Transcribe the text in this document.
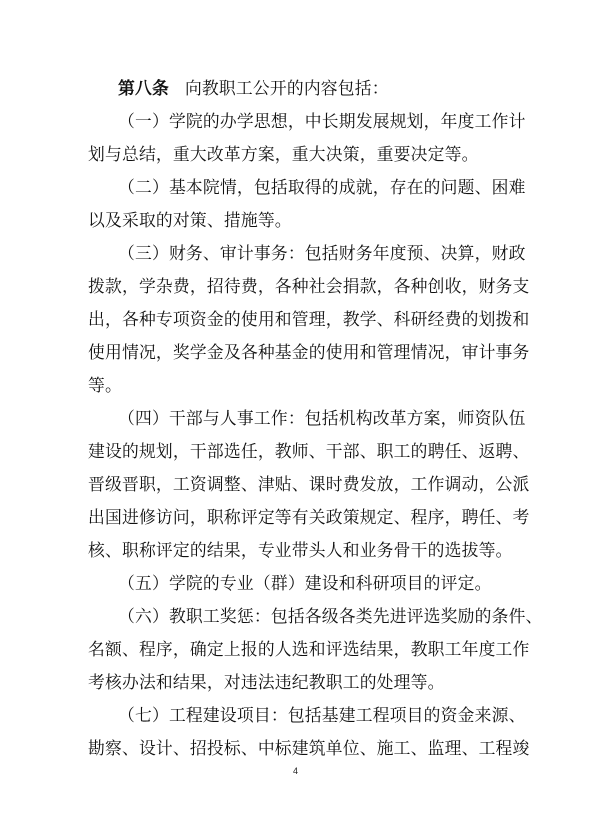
第八条 向教职工公开的内容包括：
（一）学院的办学思想，中长期发展规划，年度工作计
划与总结，重大改革方案，重大决策，重要决定等。
（二）基本院情，包括取得的成就，存在的问题、困难
以及采取的对策、措施等。
（三）财务、审计事务：包括财务年度预、决算，财政
拨款，学杂费，招待费，各种社会捐款，各种创收，财务支
出，各种专项资金的使用和管理，教学、科研经费的划拨和
使用情况，奖学金及各种基金的使用和管理情况，审计事务
等。
（四）干部与人事工作：包括机构改革方案，师资队伍
建设的规划，干部选任，教师、干部、职工的聘任、返聘、
晋级晋职，工资调整、津贴、课时费发放，工作调动，公派
出国进修访问，职称评定等有关政策规定、程序，聘任、考
核、职称评定的结果，专业带头人和业务骨干的选拔等。
（五）学院的专业（群）建设和科研项目的评定。
（六）教职工奖惩：包括各级各类先进评选奖励的条件、
名额、程序，确定上报的人选和评选结果，教职工年度工作
考核办法和结果，对违法违纪教职工的处理等。
（七）工程建设项目：包括基建工程项目的资金来源、
勘察、设计、招投标、中标建筑单位、施工、监理、工程竣
4
